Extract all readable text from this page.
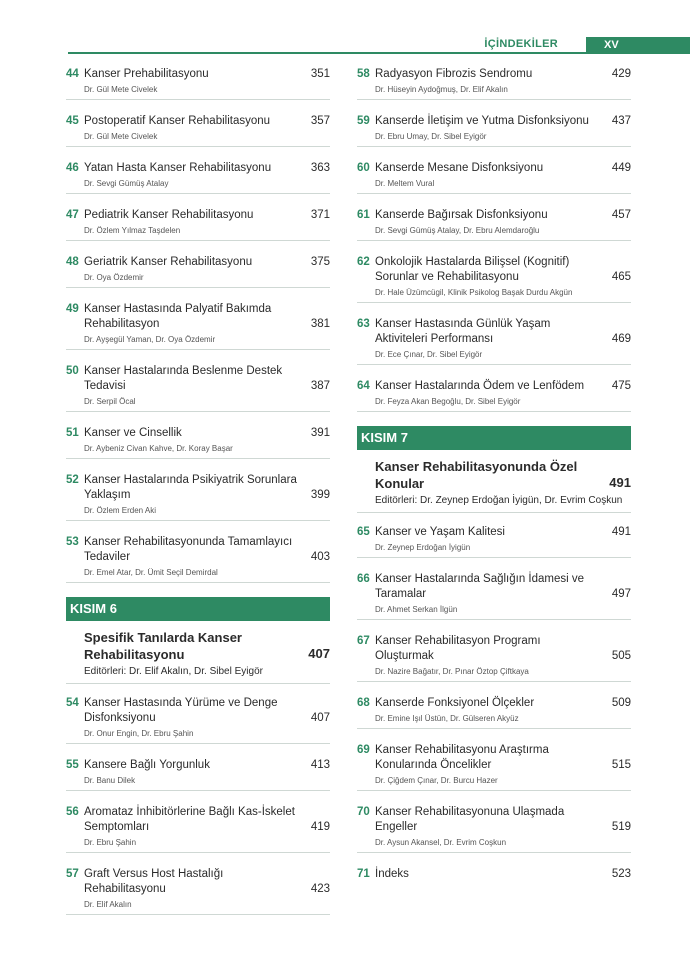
İÇİNDEKİLER	XV
44 Kanser Prehabilitasyonu	351
Dr. Gül Mete Civelek
45 Postoperatif Kanser Rehabilitasyonu	357
Dr. Gül Mete Civelek
46 Yatan Hasta Kanser Rehabilitasyonu	363
Dr. Sevgi Gümüş Atalay
47 Pediatrik Kanser Rehabilitasyonu	371
Dr. Özlem Yılmaz Taşdelen
48 Geriatrik Kanser Rehabilitasyonu	375
Dr. Oya Özdemir
49 Kanser Hastasında Palyatif Bakımda Rehabilitasyon	381
Dr. Ayşegül Yaman, Dr. Oya Özdemir
50 Kanser Hastalarında Beslenme Destek Tedavisi	387
Dr. Serpil Öcal
51 Kanser ve Cinsellik	391
Dr. Aybeniz Civan Kahve, Dr. Koray Başar
52 Kanser Hastalarında Psikiyatrik Sorunlara Yaklaşım	399
Dr. Özlem Erden Aki
53 Kanser Rehabilitasyonunda Tamamlayıcı Tedaviler	403
Dr. Emel Atar, Dr. Ümit Seçil Demirdal
KISIM 6
Spesifik Tanılarda Kanser Rehabilitasyonu	407
Editörleri: Dr. Elif Akalın, Dr. Sibel Eyigör
54 Kanser Hastasında Yürüme ve Denge Disfonksiyonu	407
Dr. Onur Engin, Dr. Ebru Şahin
55 Kansere Bağlı Yorgunluk	413
Dr. Banu Dilek
56 Aromataz İnhibitörlerine Bağlı Kas-İskelet Semptomları	419
Dr. Ebru Şahin
57 Graft Versus Host Hastalığı Rehabilitasyonu	423
Dr. Elif Akalın
58 Radyasyon Fibrozis Sendromu	429
Dr. Hüseyin Aydoğmuş, Dr. Elif Akalın
59 Kanserde İletişim ve Yutma Disfonksiyonu	437
Dr. Ebru Umay, Dr. Sibel Eyigör
60 Kanserde Mesane Disfonksiyonu	449
Dr. Meltem Vural
61 Kanserde Bağırsak Disfonksiyonu	457
Dr. Sevgi Gümüş Atalay, Dr. Ebru Alemdaroğlu
62 Onkolojik Hastalarda Bilişsel (Kognitif) Sorunlar ve Rehabilitasyonu	465
Dr. Hale Üzümcügil, Klinik Psikolog Başak Durdu Akgün
63 Kanser Hastasında Günlük Yaşam Aktiviteleri Performansı	469
Dr. Ece Çınar, Dr. Sibel Eyigör
64 Kanser Hastalarında Ödem ve Lenfödem	475
Dr. Feyza Akan Begoğlu, Dr. Sibel Eyigör
KISIM 7
Kanser Rehabilitasyonunda Özel Konular	491
Editörleri: Dr. Zeynep Erdoğan İyigün, Dr. Evrim Coşkun
65 Kanser ve Yaşam Kalitesi	491
Dr. Zeynep Erdoğan İyigün
66 Kanser Hastalarında Sağlığın İdamesi ve Taramalar	497
Dr. Ahmet Serkan İlgün
67 Kanser Rehabilitasyon Programı Oluşturmak	505
Dr. Nazire Bağatır, Dr. Pınar Öztop Çiftkaya
68 Kanserde Fonksiyonel Ölçekler	509
Dr. Emine Işıl Üstün, Dr. Gülseren Akyüz
69 Kanser Rehabilitasyonu Araştırma Konularında Öncelikler	515
Dr. Çiğdem Çınar, Dr. Burcu Hazer
70 Kanser Rehabilitasyonuna Ulaşmada Engeller	519
Dr. Aysun Akansel, Dr. Evrim Coşkun
71 İndeks	523
